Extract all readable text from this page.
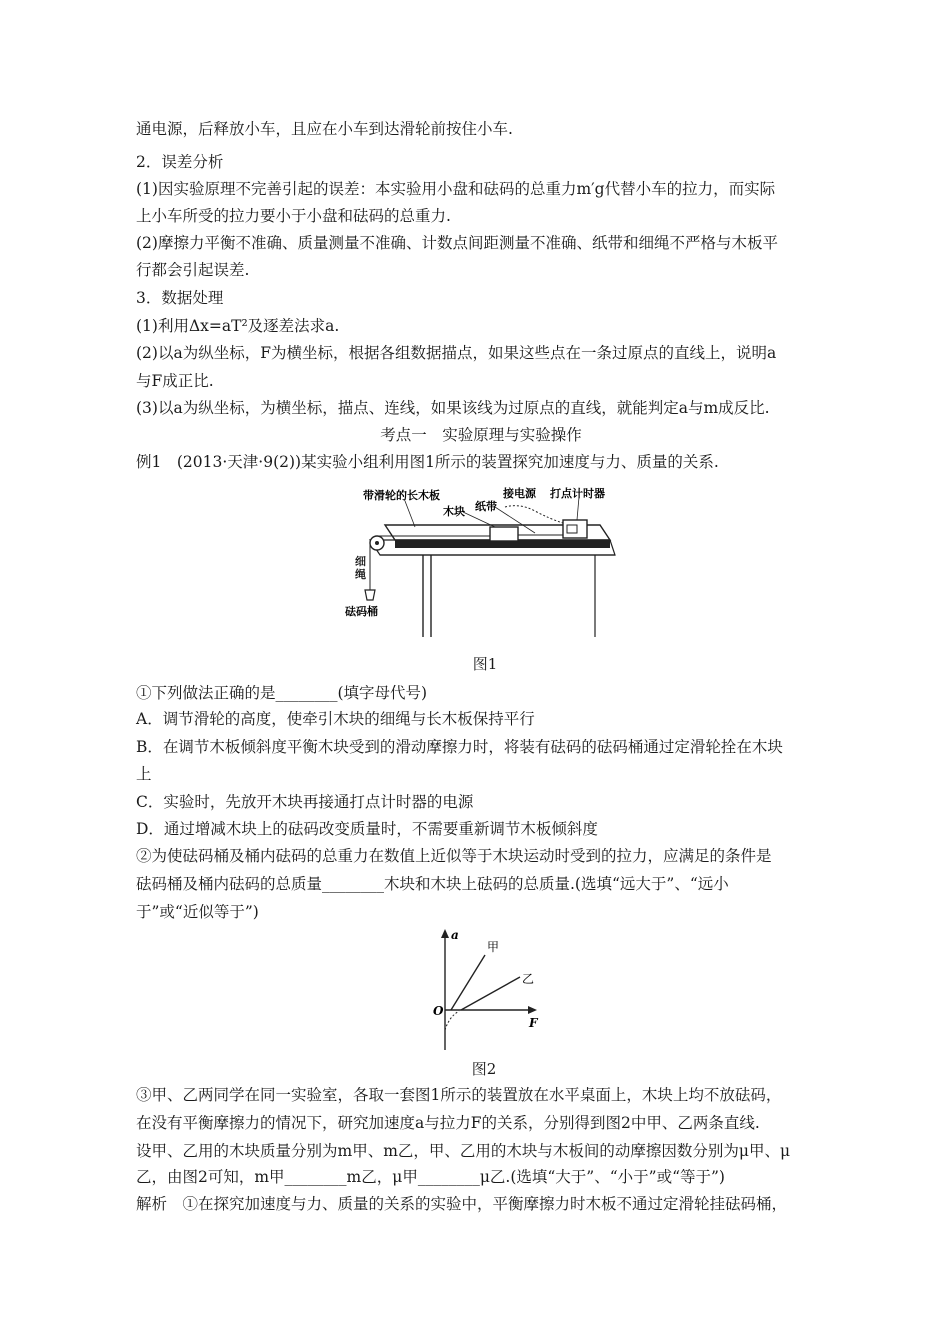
通电源，后释放小车，且应在小车到达滑轮前按住小车.
2．误差分析
(1)因实验原理不完善引起的误差：本实验用小盘和砝码的总重力m′g代替小车的拉力，而实际
上小车所受的拉力要小于小盘和砝码的总重力.
(2)摩擦力平衡不准确、质量测量不准确、计数点间距测量不准确、纸带和细绳不严格与木板平
行都会引起误差.
3．数据处理
(1)利用Δx=aT²及逐差法求a.
(2)以a为纵坐标，F为横坐标，根据各组数据描点，如果这些点在一条过原点的直线上，说明a
与F成正比.
(3)以a为纵坐标，为横坐标，描点、连线，如果该线为过原点的直线，就能判定a与m成反比.
考点一　实验原理与实验操作
例1　(2013·天津·9(2))某实验小组利用图1所示的装置探究加速度与力、质量的关系.
带滑轮的长木板
木块 纸带
接电源 打点计时器
砝码桶
细绳
图1
①下列做法正确的是________(填字母代号)
A．调节滑轮的高度，使牵引木块的细绳与长木板保持平行
B．在调节木板倾斜度平衡木块受到的滑动摩擦力时，将装有砝码的砝码桶通过定滑轮拴在木块
上
C．实验时，先放开木块再接通打点计时器的电源
D．通过增减木块上的砝码改变质量时，不需要重新调节木板倾斜度
②为使砝码桶及桶内砝码的总重力在数值上近似等于木块运动时受到的拉力，应满足的条件是
砝码桶及桶内砝码的总质量________木块和木块上砝码的总质量.(选填“远大于”、“远小
于”或“近似等于”)
a
F
O
甲
乙
图2
③甲、乙两同学在同一实验室，各取一套图1所示的装置放在水平桌面上，木块上均不放砝码，
在没有平衡摩擦力的情况下，研究加速度a与拉力F的关系，分别得到图2中甲、乙两条直线.
设甲、乙用的木块质量分别为m甲、m乙，甲、乙用的木块与木板间的动摩擦因数分别为μ甲、μ
乙，由图2可知，m甲________m乙，μ甲________μ乙.(选填“大于”、“小于”或“等于”)
解析　①在探究加速度与力、质量的关系的实验中，平衡摩擦力时木板不通过定滑轮挂砝码桶，
